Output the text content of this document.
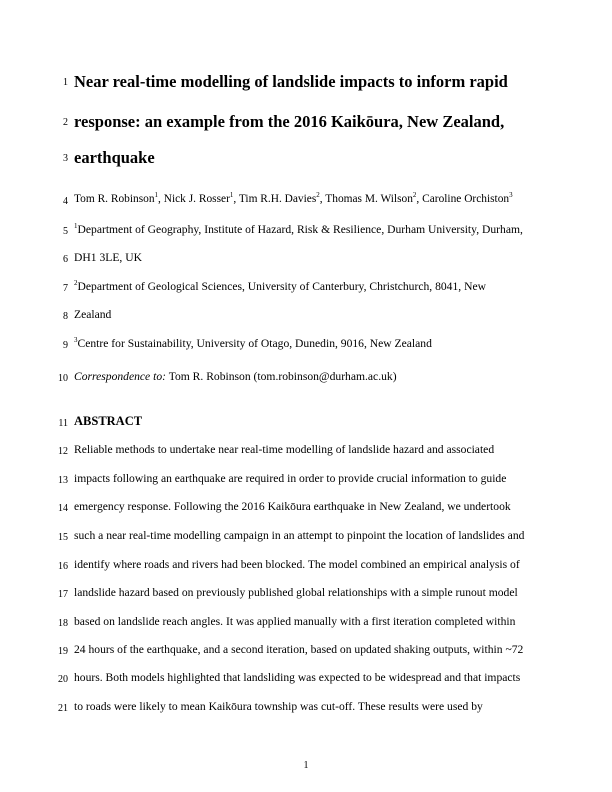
1
2
3
4
5
6
7
8
9
10
11
12
13
14
15
16
17
18
19
20
21
Near real-time modelling of landslide impacts to inform rapid
response: an example from the 2016 Kaikōura, New Zealand,
earthquake
Tom R. Robinson$^1$, Nick J. Rosser$^1$, Tim R.H. Davies$^2$, Thomas M. Wilson$^2$, Caroline Orchiston$^3$
$^1$Department of Geography, Institute of Hazard, Risk & Resilience, Durham University, Durham,
DH1 3LE, UK
$^2$Department of Geological Sciences, University of Canterbury, Christchurch, 8041, New
Zealand
$^3$Centre for Sustainability, University of Otago, Dunedin, 9016, New Zealand
Correspondence to: Tom R. Robinson (tom.robinson@durham.ac.uk)
ABSTRACT
Reliable methods to undertake near real-time modelling of landslide hazard and associated
impacts following an earthquake are required in order to provide crucial information to guide
emergency response. Following the 2016 Kaikōura earthquake in New Zealand, we undertook
such a near real-time modelling campaign in an attempt to pinpoint the location of landslides and
identify where roads and rivers had been blocked. The model combined an empirical analysis of
landslide hazard based on previously published global relationships with a simple runout model
based on landslide reach angles. It was applied manually with a first iteration completed within
24 hours of the earthquake, and a second iteration, based on updated shaking outputs, within ~72
hours. Both models highlighted that landsliding was expected to be widespread and that impacts
to roads were likely to mean Kaikōura township was cut-off. These results were used by
1
